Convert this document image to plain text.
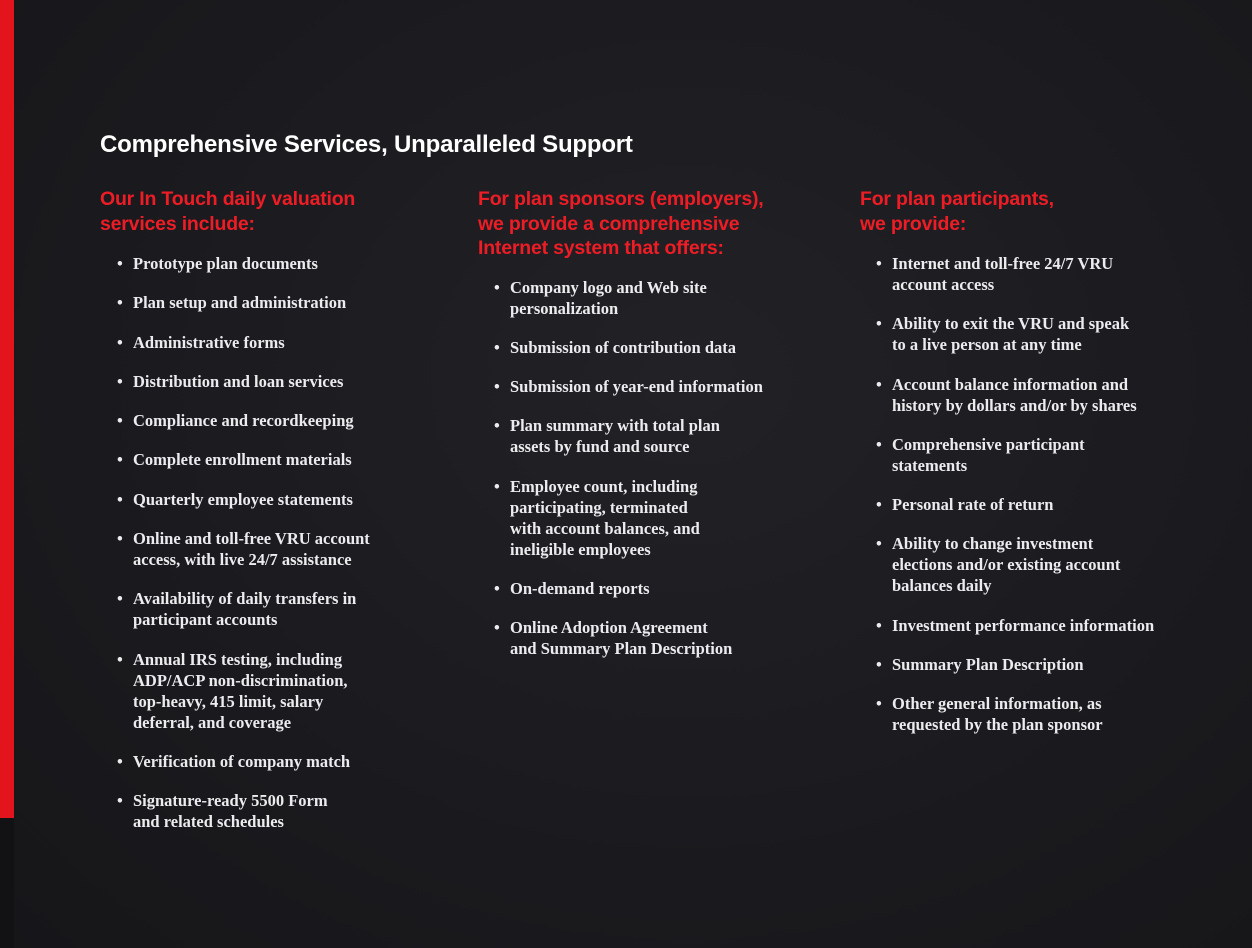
Comprehensive Services, Unparalleled Support
Our In Touch daily valuation
services include:
• Prototype plan documents
• Plan setup and administration
• Administrative forms
• Distribution and loan services
• Compliance and recordkeeping
• Complete enrollment materials
• Quarterly employee statements
• Online and toll-free VRU account
access, with live 24/7 assistance
• Availability of daily transfers in
participant accounts
• Annual IRS testing, including
ADP/ACP non-discrimination,
top-heavy, 415 limit, salary
deferral, and coverage
• Verification of company match
• Signature-ready 5500 Form
and related schedules
For plan sponsors (employers),
we provide a comprehensive
Internet system that offers:
• Company logo and Web site
personalization
• Submission of contribution data
• Submission of year-end information
• Plan summary with total plan
assets by fund and source
• Employee count, including
participating, terminated
with account balances, and
ineligible employees
• On-demand reports
• Online Adoption Agreement
and Summary Plan Description
For plan participants,
we provide:
• Internet and toll-free 24/7 VRU
account access
• Ability to exit the VRU and speak
to a live person at any time
• Account balance information and
history by dollars and/or by shares
• Comprehensive participant
statements
• Personal rate of return
• Ability to change investment
elections and/or existing account
balances daily
• Investment performance information
• Summary Plan Description
• Other general information, as
requested by the plan sponsor
